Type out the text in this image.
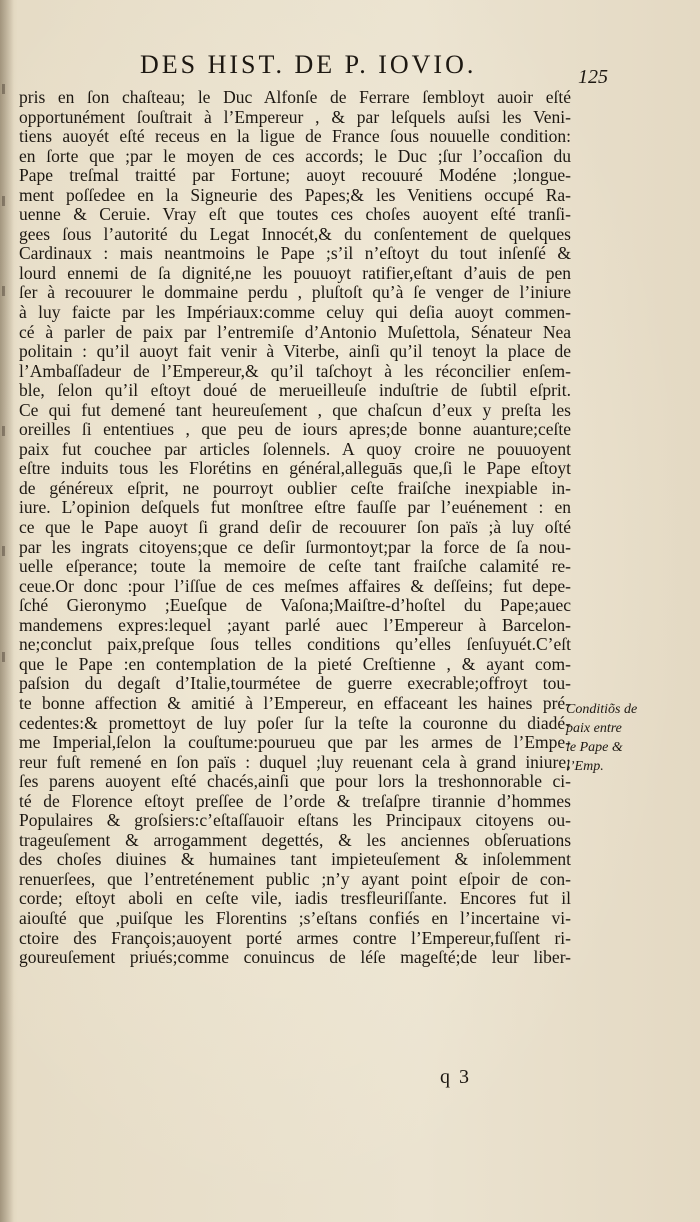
DES HIST. DE P. IOVIO.	125
pris en ſon chaſteau; le Duc Alfonſe de Ferrare ſembloyt auoir eſté
opportunément ſouſtrait à l’Empereur , & par leſquels auſsi les Veni-
tiens auoyét eſté receus en la ligue de France ſous nouuelle condition:
en ſorte que ;par le moyen de ces accords; le Duc ;ſur l’occaſion du
Pape treſmal traitté par Fortune; auoyt recouuré Modéne ;longue-
ment poſſedee en la Signeurie des Papes;& les Venitiens occupé Ra-
uenne & Ceruie. Vray eſt que toutes ces choſes auoyent eſté tranſi-
gees ſous l’autorité du Legat Innocét,& du conſentement de quelques
Cardinaux : mais neantmoins le Pape ;s’il n’eſtoyt du tout inſenſé &
lourd ennemi de ſa dignité,ne les pouuoyt ratifier,eſtant d’auis de pen
ſer à recouurer le dommaine perdu , pluſtoſt qu’à ſe venger de l’iniure
à luy faicte par les Impériaux:comme celuy qui deſia auoyt commen-
cé à parler de paix par l’entremiſe d’Antonio Muſettola, Sénateur Nea
politain : qu’il auoyt fait venir à Viterbe, ainſi qu’il tenoyt la place de
l’Ambaſſadeur de l’Empereur,& qu’il taſchoyt à les réconcilier enſem-
ble, ſelon qu’il eſtoyt doué de merueilleuſe induſtrie de ſubtil eſprit.
Ce qui fut demené tant heureuſement , que chaſcun d’eux y preſta les
oreilles ſi ententiues , que peu de iours apres;de bonne auanture;ceſte
paix fut couchee par articles ſolennels. A quoy croire ne pouuoyent
eſtre induits tous les Florétins en général,alleguās que,ſi le Pape eſtoyt
de généreux eſprit, ne pourroyt oublier ceſte fraiſche inexpiable in-
iure. L’opinion deſquels fut monſtree eſtre fauſſe par l’euénement : en
ce que le Pape auoyt ſi grand deſir de recouurer ſon païs ;à luy oſté
par les ingrats citoyens;que ce deſir ſurmontoyt;par la force de ſa nou-
uelle eſperance; toute la memoire de ceſte tant fraiſche calamité re-
ceue.Or donc :pour l’iſſue de ces meſmes affaires & deſſeins; fut depe-
ſché Gieronymo ;Eueſque de Vaſona;Maiſtre-d’hoſtel du Pape;auec
mandemens expres:lequel ;ayant parlé auec l’Empereur à Barcelon-
ne;conclut paix,preſque ſous telles conditions qu’elles ſenſuyuét.C’eſt
que le Pape :en contemplation de la pieté Creſtienne , & ayant com-
paſsion du degaſt d’Italie,tourmétee de guerre execrable;offroyt tou-
te bonne affection & amitié à l’Empereur, en effaceant les haines pré-
cedentes:& promettoyt de luy poſer ſur la teſte la couronne du diadé-
me Imperial,ſelon la couſtume:pourueu que par les armes de l’Empe-
reur fuſt remené en ſon païs : duquel ;luy reuenant cela à grand iniure;
ſes parens auoyent eſté chacés,ainſi que pour lors la treshonnorable ci-
té de Florence eſtoyt preſſee de l’orde & treſaſpre tirannie d’hommes
Populaires & groſsiers:c’eſtaſſauoir eſtans les Principaux citoyens ou-
trageuſement & arrogamment degettés, & les anciennes obſeruations
des choſes diuines & humaines tant impieteuſement & inſolemment
renuerſees, que l’entreténement public ;n’y ayant point eſpoir de con-
corde; eſtoyt aboli en ceſte vile, iadis tresfleuriſſante. Encores fut il
aiouſté que ,puiſque les Florentins ;s’eſtans confiés en l’incertaine vi-
ctoire des François;auoyent porté armes contre l’Empereur,fuſſent ri-
goureuſement priués;comme conuincus de léſe mageſté;de leur liber-
Conditiõs de
paix entre
le Pape &
l’Emp.
q 3
